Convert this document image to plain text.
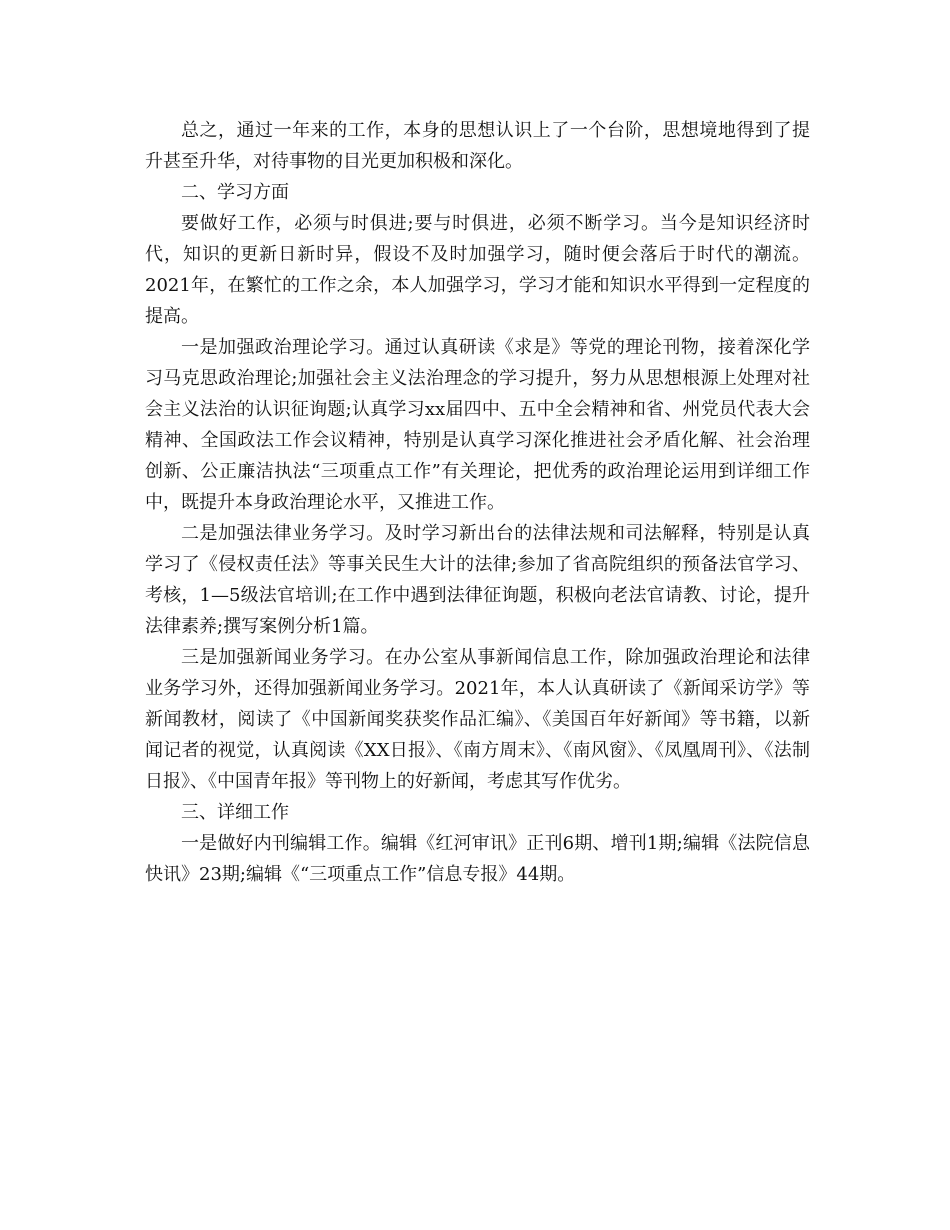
总之，通过一年来的工作，本身的思想认识上了一个台阶，思想境地得到了提升甚至升华，对待事物的目光更加积极和深化。

二、学习方面

要做好工作，必须与时俱进;要与时俱进，必须不断学习。当今是知识经济时代，知识的更新日新时异，假设不及时加强学习，随时便会落后于时代的潮流。2021年，在繁忙的工作之余，本人加强学习，学习才能和知识水平得到一定程度的提高。

一是加强政治理论学习。通过认真研读《求是》等党的理论刊物，接着深化学习马克思政治理论;加强社会主义法治理念的学习提升，努力从思想根源上处理对社会主义法治的认识征询题;认真学习xx届四中、五中全会精神和省、州党员代表大会精神、全国政法工作会议精神，特别是认真学习深化推进社会矛盾化解、社会治理创新、公正廉洁执法“三项重点工作”有关理论，把优秀的政治理论运用到详细工作中，既提升本身政治理论水平，又推进工作。

二是加强法律业务学习。及时学习新出台的法律法规和司法解释，特别是认真学习了《侵权责任法》等事关民生大计的法律;参加了省高院组织的预备法官学习、考核，1—5级法官培训;在工作中遇到法律征询题，积极向老法官请教、讨论，提升法律素养;撰写案例分析1篇。

三是加强新闻业务学习。在办公室从事新闻信息工作，除加强政治理论和法律业务学习外，还得加强新闻业务学习。2021年，本人认真研读了《新闻采访学》等新闻教材，阅读了《中国新闻奖获奖作品汇编》、《美国百年好新闻》等书籍，以新闻记者的视觉，认真阅读《XX日报》、《南方周末》、《南风窗》、《凤凰周刊》、《法制日报》、《中国青年报》等刊物上的好新闻，考虑其写作优劣。

三、详细工作

一是做好内刊编辑工作。编辑《红河审讯》正刊6期、增刊1期;编辑《法院信息快讯》23期;编辑《“三项重点工作”信息专报》44期。
